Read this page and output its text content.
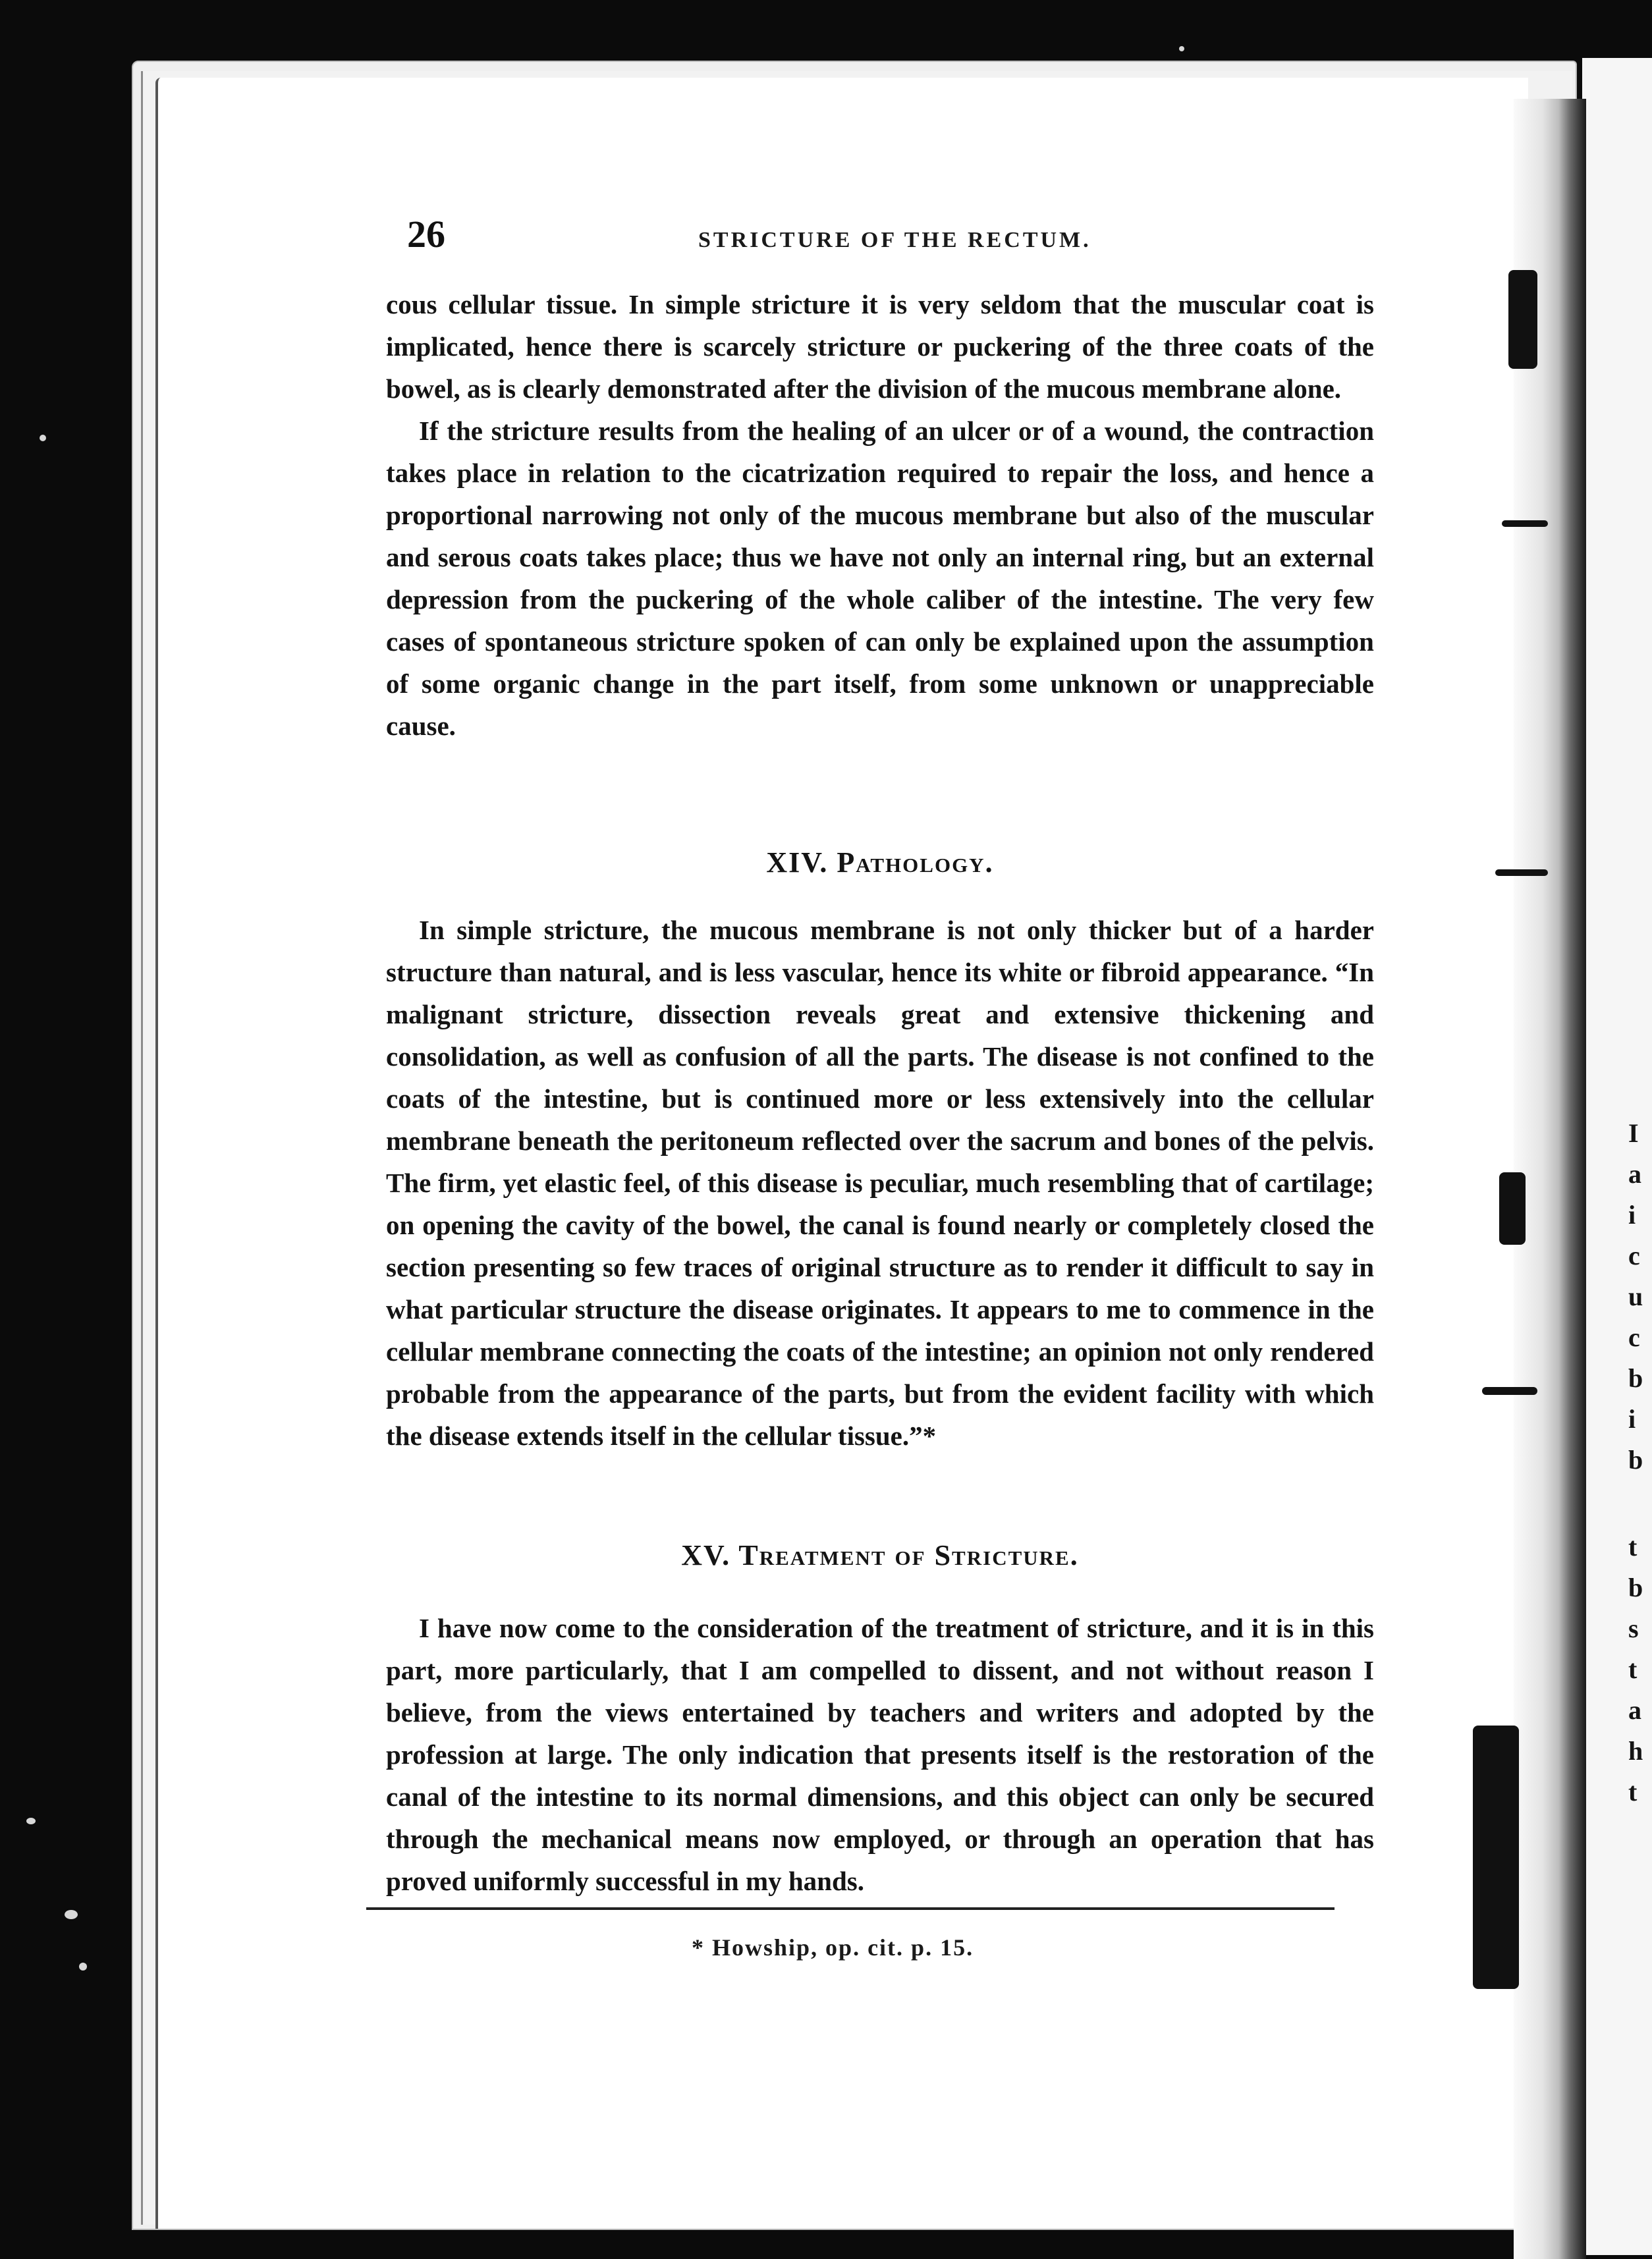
I
a
i
c
u
c
b
i
b
t
b
s
t
a
h
t
26	STRICTURE OF THE RECTUM.

cous cellular tissue. In simple stricture it is very seldom that the muscular coat is implicated, hence there is scarcely stricture or puckering of the three coats of the bowel, as is clearly demonstrated after the division of the mucous membrane alone.

If the stricture results from the healing of an ulcer or of a wound, the contraction takes place in relation to the cicatrization required to repair the loss, and hence a proportional narrowing not only of the mucous membrane but also of the muscular and serous coats takes place; thus we have not only an internal ring, but an external depression from the puckering of the whole caliber of the intestine. The very few cases of spontaneous stricture spoken of can only be explained upon the assumption of some organic change in the part itself, from some unknown or unappreciable cause.

XIV. Pathology.

In simple stricture, the mucous membrane is not only thicker but of a harder structure than natural, and is less vascular, hence its white or fibroid appearance. “In malignant stricture, dissection reveals great and extensive thickening and consolidation, as well as confusion of all the parts. The disease is not confined to the coats of the intestine, but is continued more or less extensively into the cellular membrane beneath the peritoneum reflected over the sacrum and bones of the pelvis. The firm, yet elastic feel, of this disease is peculiar, much resembling that of cartilage; on opening the cavity of the bowel, the canal is found nearly or completely closed the section presenting so few traces of original structure as to render it difficult to say in what particular structure the disease originates. It appears to me to commence in the cellular membrane connecting the coats of the intestine; an opinion not only rendered probable from the appearance of the parts, but from the evident facility with which the disease extends itself in the cellular tissue.”*

XV. Treatment of Stricture.

I have now come to the consideration of the treatment of stricture, and it is in this part, more particularly, that I am compelled to dissent, and not without reason I believe, from the views entertained by teachers and writers and adopted by the profession at large. The only indication that presents itself is the restoration of the canal of the intestine to its normal dimensions, and this object can only be secured through the mechanical means now employed, or through an operation that has proved uniformly successful in my hands.

* Howship, op. cit. p. 15.
